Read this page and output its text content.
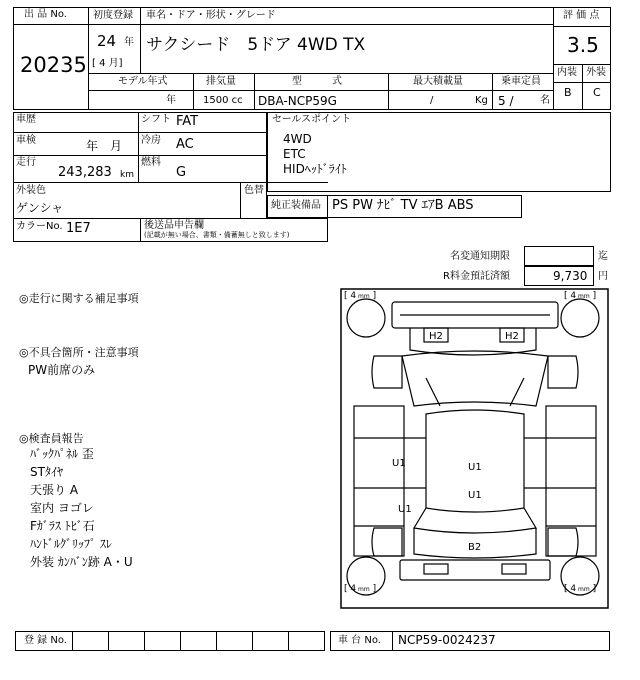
出 品 No.
20235
初度登録
24 年
[ 4 月]
車名・ドア・形状・グレード
サクシード　5ドア 4WD TX
評 価 点
3.5
内装 外装
B C
モデル年式
年
排気量
1500 cc
型　　　式
DBA-NCP59G
最大積載量
/	Kg
乗車定員
5 /	名
車歴	シフト FAT
車検	年　月 冷房 AC
走行
243,283 km
燃料
G
外装色
ゲンシャ
色替
カラーNo. 1E7	後送品申告欄
(記載が無い場合、書類・備蓄無しと致します)
セールスポイント
4WD
ETC
HIDﾍｯﾄﾞﾗｲﾄ
純正装備品 PS PW ﾅﾋﾞ TV ｴｱB ABS
名変通知期限	迄
R料金預託済額	9,730 円
◎走行に関する補足事項
◎不具合箇所・注意事項
PW前席のみ
◎検査員報告
ﾊﾞｯｸﾊﾟﾈﾙ 歪
STﾀｲﾔ
天張り A
室内 ヨゴレ
Fｶﾞﾗｽ ﾄﾋﾞ石
ﾊﾝﾄﾞﾙｸﾞﾘｯﾌﾟ ｽﾚ
外装 ｶﾝﾊﾞﾝ跡 A・U
[ 4 mm ]	[ 4 mm ]
[ 4 mm ]	[ 4 mm ]
H2	H2
U1	U1
U1
U1
B2
登 録 No.	車 台 No. NCP59-0024237
